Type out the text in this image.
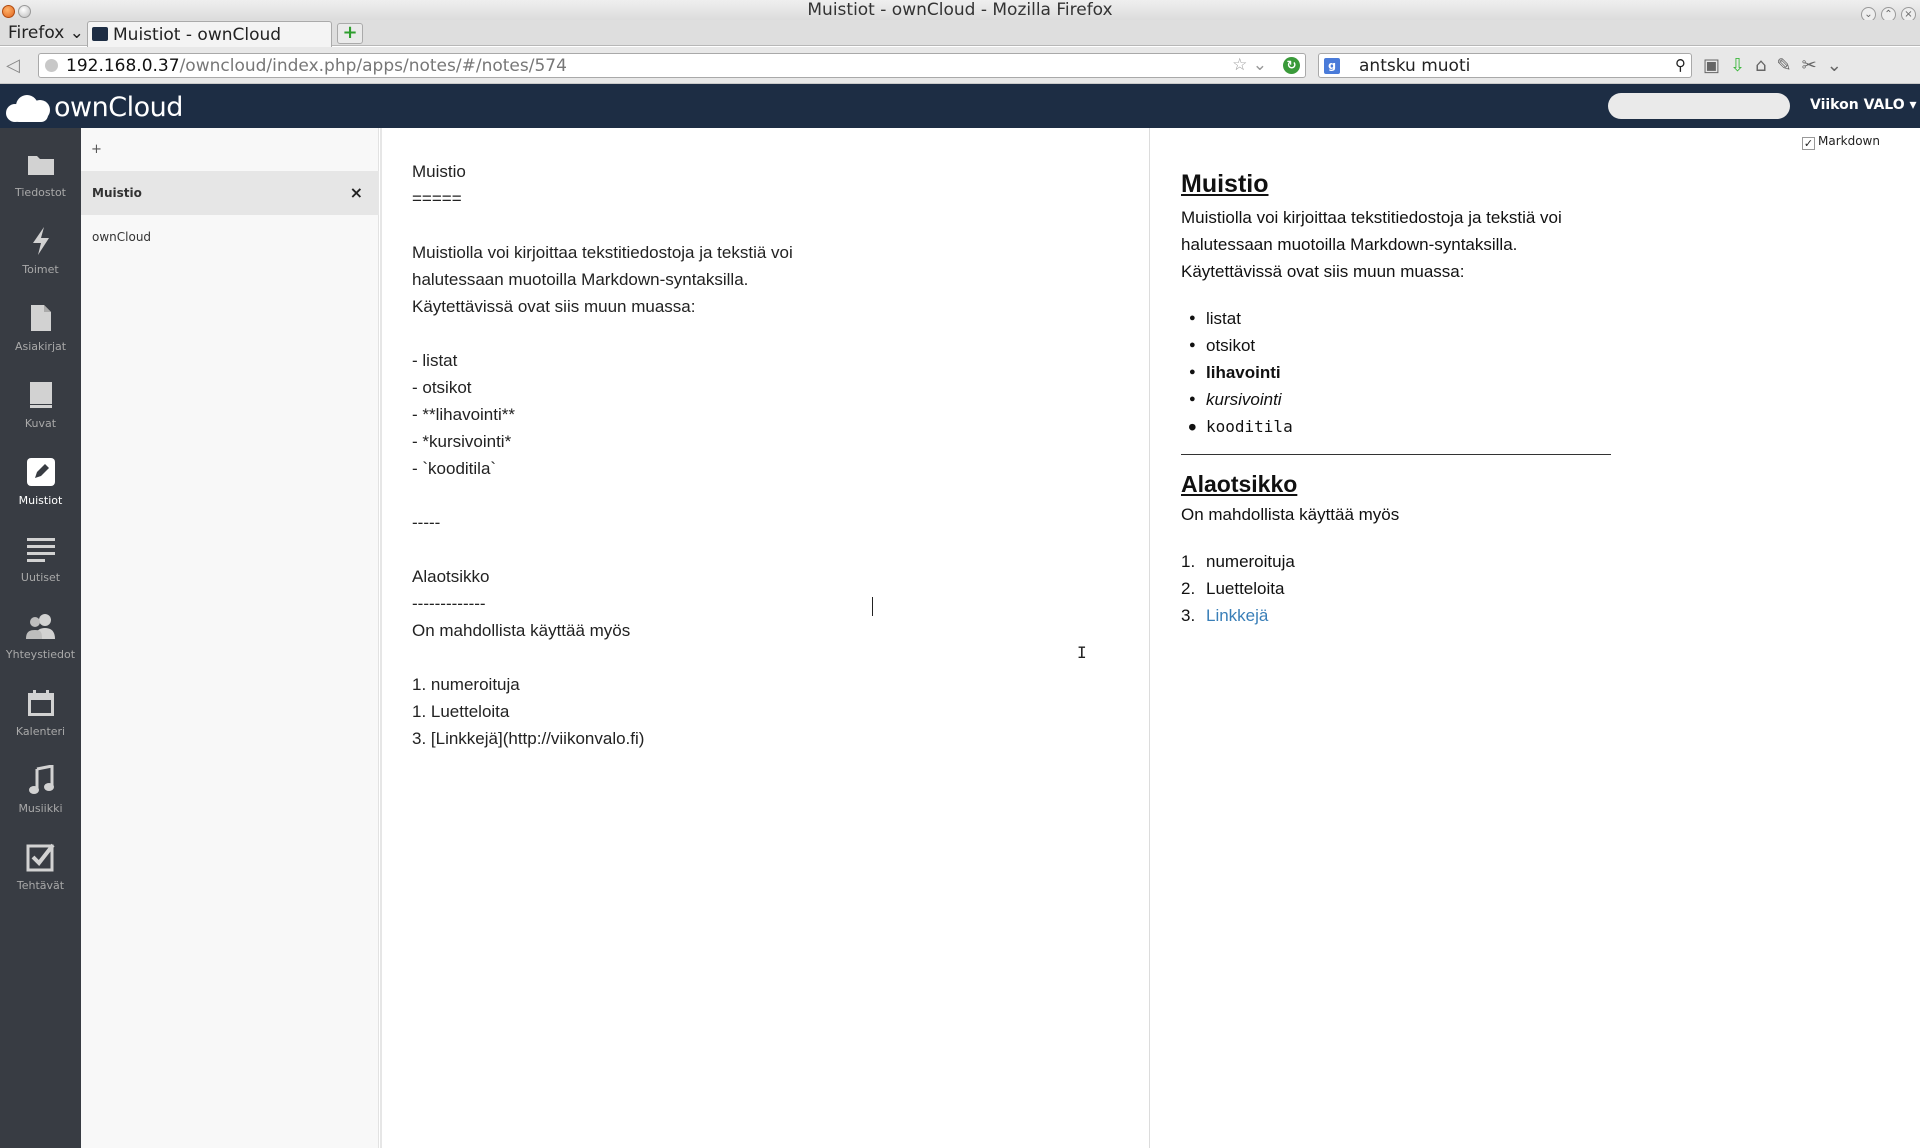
Muistiot - ownCloud - Mozilla Firefox	⌄ ⌃ ×
Firefox ⌄ Muistiot - ownCloud	+
◁	192.168.0.37/owncloud/index.php/apps/notes/#/notes/574	☆ ⌄ ↻	g antsku muoti	⚲ ▣⇩⌂✎✂⌄
ownCloud	Viikon VALO ▾
Tiedostot
Toimet
Asiakirjat
Kuvat
Muistiot
Uutiset
Yhteystiedot
Kalenteri
Musiikki
Tehtävät
+
Muistio	×
ownCloud
Muistio
=====
Muistiolla voi kirjoittaa tekstitiedostoja ja tekstiä voi
halutessaan muotoilla Markdown-syntaksilla.
Käytettävissä ovat siis muun muassa:
- listat
- otsikot
- **lihavointi**
- *kursivointi*
- `kooditila`
-----
Alaotsikko
-------------
On mahdollista käyttää myös
1. numeroituja
1. Luetteloita
3. [Linkkejä](http://viikonvalo.fi)
I
✓ Markdown
Muistio

Muistiolla voi kirjoittaa tekstitiedostoja ja tekstiä voi

halutessaan muotoilla Markdown-syntaksilla.

Käytettävissä ovat siis muun muassa:

● listat
● otsikot
● lihavointi
● kursivointi
● kooditila
Alaotsikko

On mahdollista käyttää myös

1. numeroituja
2. Luetteloita
3. Linkkejä
